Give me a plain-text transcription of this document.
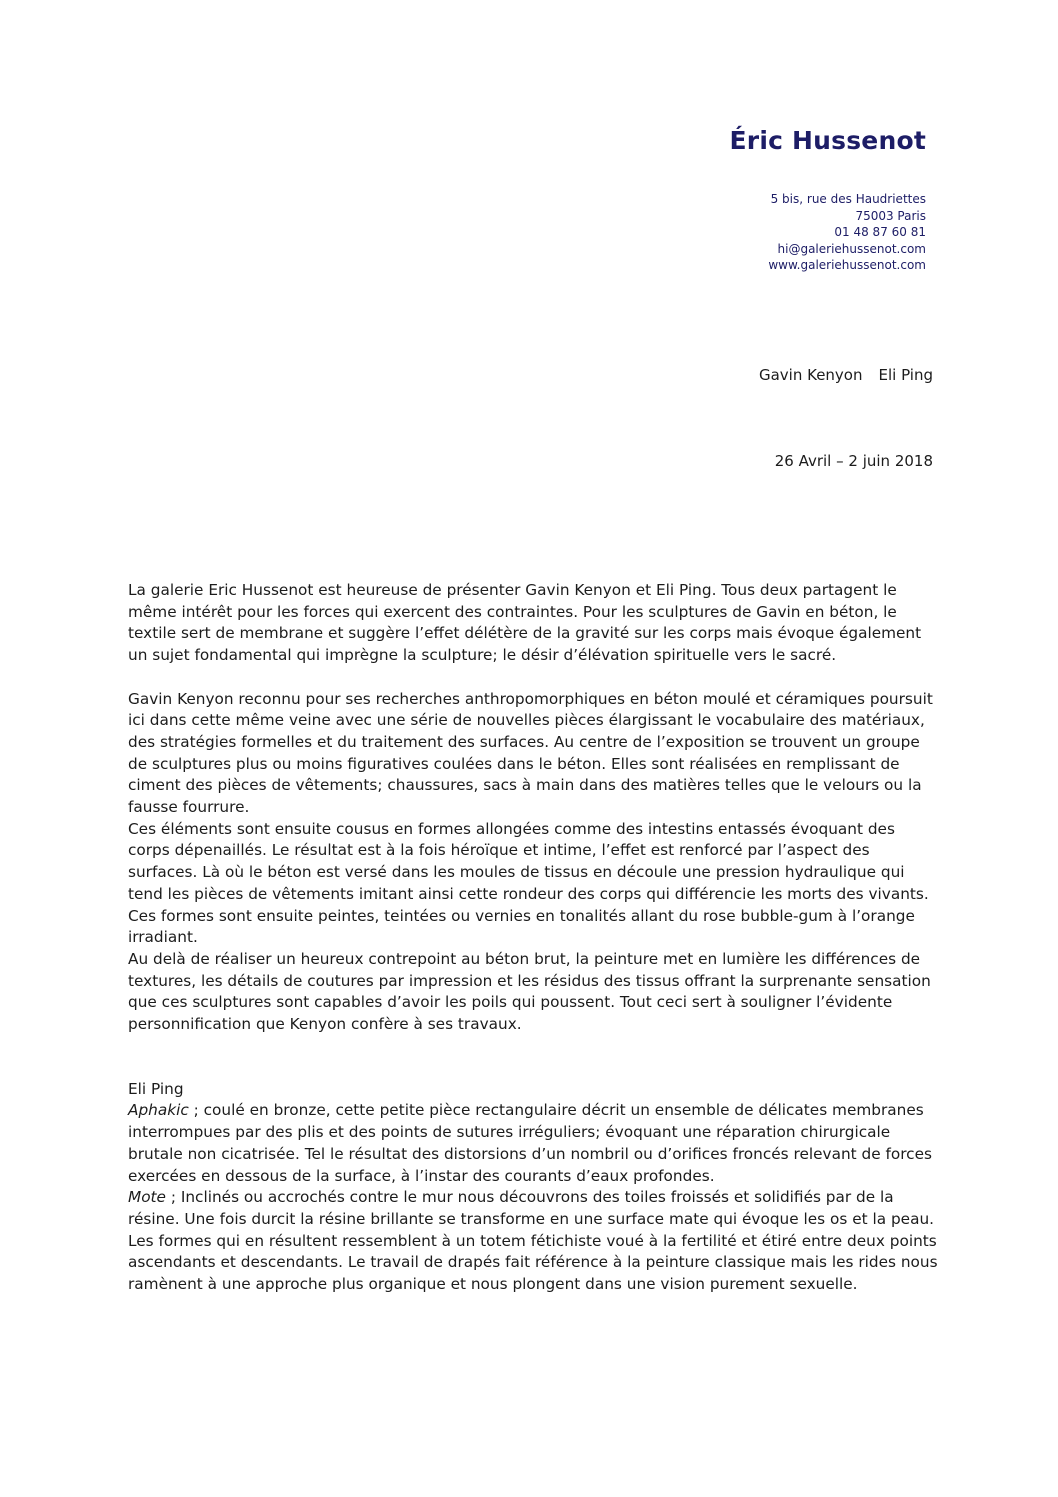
Éric Hussenot
5 bis, rue des Haudriettes
75003 Paris
01 48 87 60 81
hi@galeriehussenot.com
www.galeriehussenot.com
Gavin Kenyon Eli Ping
26 Avril – 2 juin 2018

La galerie Eric Hussenot est heureuse de présenter Gavin Kenyon et Eli Ping. Tous deux partagent le même intérêt pour les forces qui exercent des contraintes. Pour les sculptures de Gavin en béton, le textile sert de membrane et suggère l’effet délétère de la gravité sur les corps mais évoque également un sujet fondamental qui imprègne la sculpture; le désir d’élévation spirituelle vers le sacré.

Gavin Kenyon reconnu pour ses recherches anthropomorphiques en béton moulé et céramiques poursuit ici dans cette même veine avec une série de nouvelles pièces élargissant le vocabulaire des matériaux, des stratégies formelles et du traitement des surfaces. Au centre de l’exposition se trouvent un groupe de sculptures plus ou moins figuratives coulées dans le béton. Elles sont réalisées en remplissant de ciment des pièces de vêtements; chaussures, sacs à main dans des matières telles que le velours ou la fausse fourrure.

Ces éléments sont ensuite cousus en formes allongées comme des intestins entassés évoquant des corps dépenaillés. Le résultat est à la fois héroïque et intime, l’effet est renforcé par l’aspect des surfaces. Là où le béton est versé dans les moules de tissus en découle une pression hydraulique qui tend les pièces de vêtements imitant ainsi cette rondeur des corps qui différencie les morts des vivants. Ces formes sont ensuite peintes, teintées ou vernies en tonalités allant du rose bubble-gum à l’orange irradiant.

Au delà de réaliser un heureux contrepoint au béton brut, la peinture met en lumière les différences de textures, les détails de coutures par impression et les résidus des tissus offrant la surprenante sensation que ces sculptures sont capables d’avoir les poils qui poussent. Tout ceci sert à souligner l’évidente personnification que Kenyon confère à ses travaux.

Eli Ping

Aphakic ; coulé en bronze, cette petite pièce rectangulaire décrit un ensemble de délicates membranes interrompues par des plis et des points de sutures irréguliers; évoquant une réparation chirurgicale brutale non cicatrisée. Tel le résultat des distorsions d’un nombril ou d’orifices froncés relevant de forces exercées en dessous de la surface, à l’instar des courants d’eaux profondes.

Mote ; Inclinés ou accrochés contre le mur nous découvrons des toiles froissés et solidifiés par de la résine. Une fois durcit la résine brillante se transforme en une surface mate qui évoque les os et la peau. Les formes qui en résultent ressemblent à un totem fétichiste voué à la fertilité et étiré entre deux points ascendants et descendants. Le travail de drapés fait référence à la peinture classique mais les rides nous ramènent à une approche plus organique et nous plongent dans une vision purement sexuelle.
